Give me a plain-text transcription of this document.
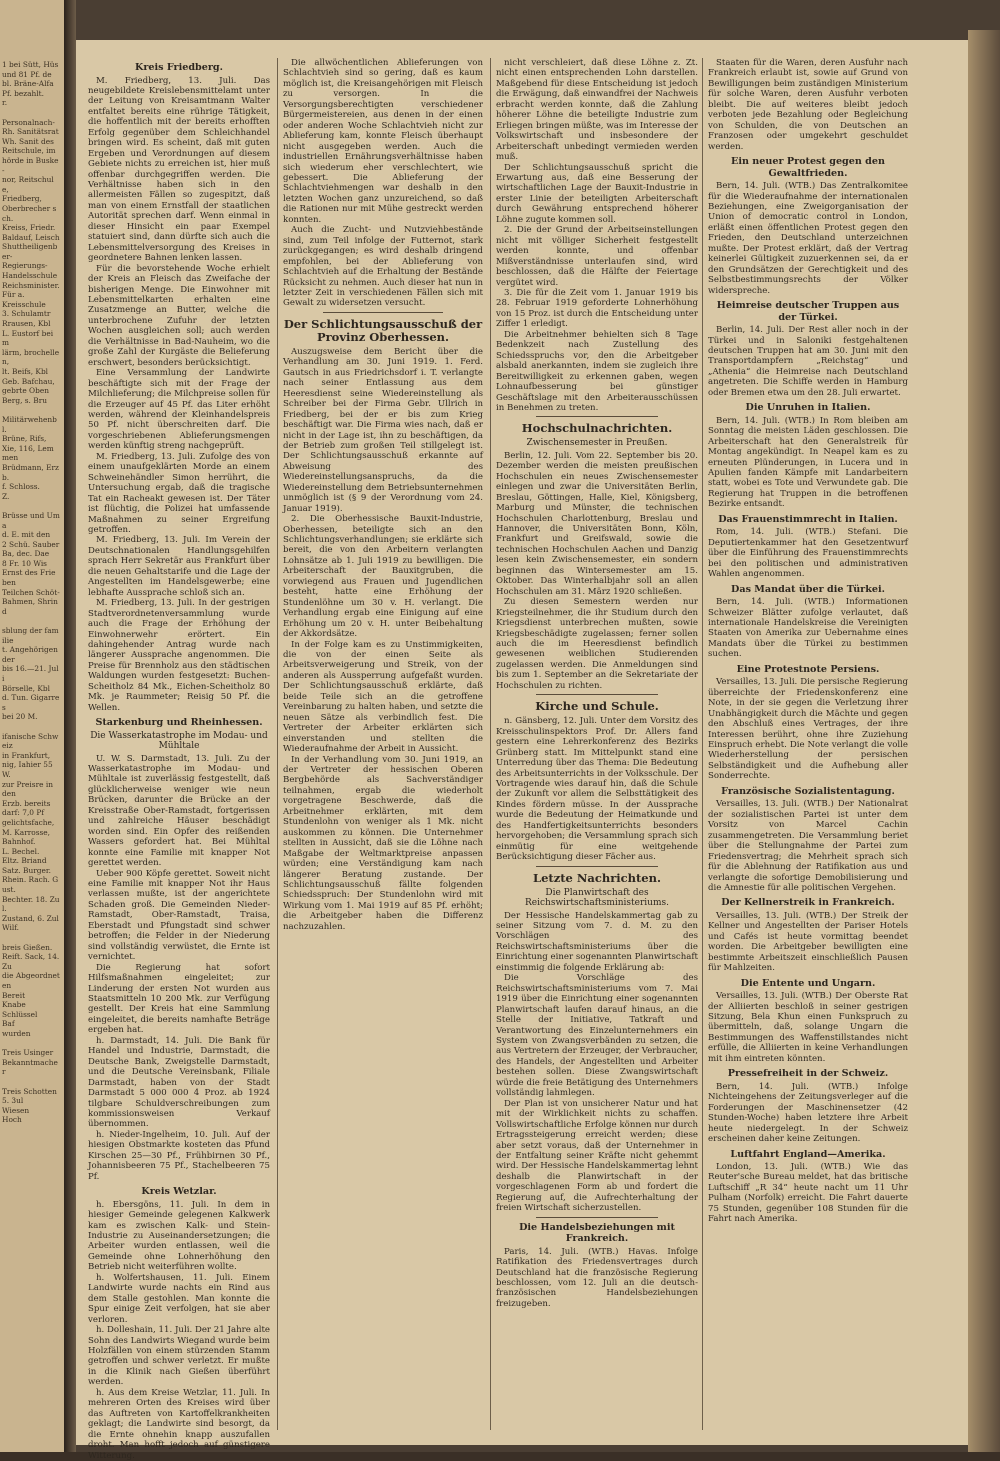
1 bei Sütt, Hüs
und 81 Pf. de
bl. Bräne-Alfa
Pf. bezahlt.
r.

Personalnach-
Rh. Sanitätsrat
Wh. Sanit des
Reitschule, im
hörde in Buske-
nor, Reitschule,
Friedberg,
Oberbrecher sch.
Kreiss, Friedr.
Baldauf, Leisch
Shuttheiligenber-
Regierungs-
Handelsschule
Reichsminister.
Für a.
Kreisschule
3. Schulamtr
Rrausen, Kbl
L. Eustorf beim
lärm, brochellen,
lt. Beifs, Kbl
Geb. Bafchau,
gebrte Oben
Berg, s. Bru

Militärwehenbl.
Brüne, Rifs,
Xie, 116, Lemmen
Brüdmann, Erzb.
f. Schloss.
Z.

Brüsse und Uma
d. E. mit den
2 Schü. Sauber
Ba, dec. Dae
8 Fr. 10 Wis
Ernst des Frieben
Teilchen Schöt-
Bahmen, Shrind

sblung der familie
t. Angehörigen der
bis 16.—21. Juli
Börselle, Kbl
d. Tun. Gigarres
bei 20 M.

ifanische Schweiz
in Frankfurt,
nig, Iahier 55 W.
zur Preisre in den
Erzb. bereits
darf: 7,0 Pf
gelichtsfache,
M. Karrosse,
Bahnhof.
L. Bechel.
Eltz. Briand
Satz. Burger.
Rhein. Rach. Gust.
Bechter. 18. Zul.
Zustand, 6. Zul
Wilf.

breis Gießen.
Reift. Sack, 14. Zu
die Abgeordneten
Bereit
Knabe
Schlüssel
Baf
wurden

Treis Usinger
Bekanntmacher

Treis Schotten
5. 3ul
Wiesen
Hoch
Kreis Friedberg.

M. Friedberg, 13. Juli. Das neugebildete Kreislebensmittelamt unter der Leitung von Kreisamtmann Walter entfaltet bereits eine rührige Tätigkeit, die hoffentlich mit der bereits erhofften Erfolg gegenüber dem Schleichhandel bringen wird. Es scheint, daß mit guten Ergeben und Verordnungen auf diesem Gebiete nichts zu erreichen ist, hier muß offenbar durchgegriffen werden. Die Verhältnisse haben sich in den allermeisten Fällen so zugespitzt, daß man von einem Ernstfall der staatlichen Autorität sprechen darf. Wenn einmal in dieser Hinsicht ein paar Exempel statuiert sind, dann dürfte sich auch die Lebensmittelversorgung des Kreises in geordnetere Bahnen lenken lassen.

Für die bevorstehende Woche erhielt der Kreis an Fleisch das Zweifache der bisherigen Menge. Die Einwohner mit Lebensmittelkarten erhalten eine Zusatzmenge an Butter, welche die unterbrochene Zufuhr der letzten Wochen ausgleichen soll; auch werden die Verhältnisse in Bad-Nauheim, wo die große Zahl der Kurgäste die Belieferung erschwert, besonders berücksichtigt.

Eine Versammlung der Landwirte beschäftigte sich mit der Frage der Milchlieferung; die Milchpreise sollen für die Erzeuger auf 45 Pf. das Liter erhöht werden, während der Kleinhandelspreis 50 Pf. nicht überschreiten darf. Die vorgeschriebenen Ablieferungsmengen werden künftig streng nachgeprüft.

M. Friedberg, 13. Juli. Zufolge des von einem unaufgeklärten Morde an einem Schweinehändler Simon herrührt, die Untersuchung ergab, daß die tragische Tat ein Racheakt gewesen ist. Der Täter ist flüchtig, die Polizei hat umfassende Maßnahmen zu seiner Ergreifung getroffen.

M. Friedberg, 13. Juli. Im Verein der Deutschnationalen Handlungsgehilfen sprach Herr Sekretär aus Frankfurt über die neuen Gehaltstarife und die Lage der Angestellten im Handelsgewerbe; eine lebhafte Aussprache schloß sich an.

M. Friedberg, 13. Juli. In der gestrigen Stadtverordnetenversammlung wurde auch die Frage der Erhöhung der Einwohnerwehr erörtert. Ein dahingehender Antrag wurde nach längerer Aussprache angenommen. Die Preise für Brennholz aus den städtischen Waldungen wurden festgesetzt: Buchen-Scheitholz 84 Mk., Eichen-Scheitholz 80 Mk. je Raummeter; Reisig 50 Pf. die Wellen.

Starkenburg und Rheinhessen.
Die Wasserkatastrophe im Modau- und Mühltale

U. W. S. Darmstadt, 13. Juli. Zu der Wasserkatastrophe im Modau- und Mühltale ist zuverlässig festgestellt, daß glücklicherweise weniger wie neun Brücken, darunter die Brücke an der Kreisstraße Ober-Ramstadt, fortgerissen und zahlreiche Häuser beschädigt worden sind. Ein Opfer des reißenden Wassers gefordert hat. Bei Mühltal konnte eine Familie mit knapper Not gerettet werden.

Ueber 900 Köpfe gerettet. Soweit nicht eine Familie mit knapper Not ihr Haus verlassen mußte, ist der angerichtete Schaden groß. Die Gemeinden Nieder-Ramstadt, Ober-Ramstadt, Traisa, Eberstadt und Pfungstadt sind schwer betroffen; die Felder in der Niederung sind vollständig verwüstet, die Ernte ist vernichtet.

Die Regierung hat sofort Hilfsmaßnahmen eingeleitet; zur Linderung der ersten Not wurden aus Staatsmitteln 10 200 Mk. zur Verfügung gestellt. Der Kreis hat eine Sammlung eingeleitet, die bereits namhafte Beträge ergeben hat.

h. Darmstadt, 14. Juli. Die Bank für Handel und Industrie, Darmstadt, die Deutsche Bank, Zweigstelle Darmstadt, und die Deutsche Vereinsbank, Filiale Darmstadt, haben von der Stadt Darmstadt 5 000 000 4 Proz. ab 1924 tilgbare Schuldverschreibungen zum kommissionsweisen Verkauf übernommen.

h. Nieder-Ingelheim, 10. Juli. Auf der hiesigen Obstmarkte kosteten das Pfund Kirschen 25—30 Pf., Frühbirnen 30 Pf., Johannisbeeren 75 Pf., Stachelbeeren 75 Pf.

Kreis Wetzlar.

h. Ebersgöns, 11. Juli. In dem in hiesiger Gemeinde gelegenen Kalkwerk kam es zwischen Kalk- und Stein-Industrie zu Auseinandersetzungen; die Arbeiter wurden entlassen, weil die Gemeinde ohne Lohnerhöhung den Betrieb nicht weiterführen wollte.

h. Wolfertshausen, 11. Juli. Einem Landwirte wurde nachts ein Rind aus dem Stalle gestohlen. Man konnte die Spur einige Zeit verfolgen, hat sie aber verloren.

h. Dolleshain, 11. Juli. Der 21 Jahre alte Sohn des Landwirts Wiegand wurde beim Holzfällen von einem stürzenden Stamm getroffen und schwer verletzt. Er mußte in die Klinik nach Gießen überführt werden.

h. Aus dem Kreise Wetzlar, 11. Juli. In mehreren Orten des Kreises wird über das Auftreten von Kartoffelkrankheiten geklagt; die Landwirte sind besorgt, da die Ernte ohnehin knapp auszufallen droht. Man hofft jedoch auf günstigere Witterung.

Die allwöchentlichen Ablieferungen von Schlachtvieh sind so gering, daß es kaum möglich ist, die Kreisangehörigen mit Fleisch zu versorgen. In die Versorgungsberechtigten verschiedener Bürgermeistereien, aus denen in der einen oder anderen Woche Schlachtvieh nicht zur Ablieferung kam, konnte Fleisch überhaupt nicht ausgegeben werden. Auch die industriellen Ernährungsverhältnisse haben sich wiederum eher verschlechtert, wie gebessert. Die Ablieferung der Schlachtviehmengen war deshalb in den letzten Wochen ganz unzureichend, so daß die Rationen nur mit Mühe gestreckt werden konnten.

Auch die Zucht- und Nutzviehbestände sind, zum Teil infolge der Futternot, stark zurückgegangen; es wird deshalb dringend empfohlen, bei der Ablieferung von Schlachtvieh auf die Erhaltung der Bestände Rücksicht zu nehmen. Auch dieser hat nun in letzter Zeit in verschiedenen Fällen sich mit Gewalt zu widersetzen versucht.

Der Schlichtungsausschuß der Provinz Oberhessen.

Auszugsweise dem Bericht über die Verhandlung am 30. Juni 1919. 1. Ferd. Gautsch in aus Friedrichsdorf i. T. verlangte nach seiner Entlassung aus dem Heeresdienst seine Wiedereinstellung als Schreiber bei der Firma Gebr. Ullrich in Friedberg, bei der er bis zum Krieg beschäftigt war. Die Firma wies nach, daß er nicht in der Lage ist, ihn zu beschäftigen, da der Betrieb zum großen Teil stillgelegt ist. Der Schlichtungsausschuß erkannte auf Abweisung des Wiedereinstellungsanspruchs, da die Wiedereinstellung dem Betriebsunternehmen unmöglich ist (§ 9 der Verordnung vom 24. Januar 1919).

2. Die Oberhessische Bauxit-Industrie, Oberhessen, beteiligte sich an den Schlichtungsverhandlungen; sie erklärte sich bereit, die von den Arbeitern verlangten Lohnsätze ab 1. Juli 1919 zu bewilligen. Die Arbeiterschaft der Bauxitgruben, die vorwiegend aus Frauen und Jugendlichen besteht, hatte eine Erhöhung der Stundenlöhne um 30 v. H. verlangt. Die Verhandlung ergab eine Einigung auf eine Erhöhung um 20 v. H. unter Beibehaltung der Akkordsätze.

In der Folge kam es zu Unstimmigkeiten, die von der einen Seite als Arbeitsverweigerung und Streik, von der anderen als Aussperrung aufgefaßt wurden. Der Schlichtungsausschuß erklärte, daß beide Teile sich an die getroffene Vereinbarung zu halten haben, und setzte die neuen Sätze als verbindlich fest. Die Vertreter der Arbeiter erklärten sich einverstanden und stellten die Wiederaufnahme der Arbeit in Aussicht.

In der Verhandlung vom 30. Juni 1919, an der Vertreter der hessischen Oberen Bergbehörde als Sachverständiger teilnahmen, ergab die wiederholt vorgetragene Beschwerde, daß die Arbeitnehmer erklärten, mit dem Stundenlohn von weniger als 1 Mk. nicht auskommen zu können. Die Unternehmer stellten in Aussicht, daß sie die Löhne nach Maßgabe der Weltmarktpreise anpassen würden; eine Verständigung kam nach längerer Beratung zustande. Der Schlichtungsausschuß fällte folgenden Schiedsspruch: Der Stundenlohn wird mit Wirkung vom 1. Mai 1919 auf 85 Pf. erhöht; die Arbeitgeber haben die Differenz nachzuzahlen.

nicht verschleiert, daß diese Löhne z. Zt. nicht einen entsprechenden Lohn darstellen. Maßgebend für diese Entscheidung ist jedoch die Erwägung, daß einwandfrei der Nachweis erbracht werden konnte, daß die Zahlung höherer Löhne die beteiligte Industrie zum Erliegen bringen müßte, was im Interesse der Volkswirtschaft und insbesondere der Arbeiterschaft unbedingt vermieden werden muß.

Der Schlichtungsausschuß spricht die Erwartung aus, daß eine Besserung der wirtschaftlichen Lage der Bauxit-Industrie in erster Linie der beteiligten Arbeiterschaft durch Gewährung entsprechend höherer Löhne zugute kommen soll.

2. Die der Grund der Arbeitseinstellungen nicht mit völliger Sicherheit festgestellt werden konnte, und offenbar Mißverständnisse unterlaufen sind, wird beschlossen, daß die Hälfte der Feiertage vergütet wird.

3. Die für die Zeit vom 1. Januar 1919 bis 28. Februar 1919 geforderte Lohnerhöhung von 15 Proz. ist durch die Entscheidung unter Ziffer 1 erledigt.

Die Arbeitnehmer behielten sich 8 Tage Bedenkzeit nach Zustellung des Schiedsspruchs vor, den die Arbeitgeber alsbald anerkannten, indem sie zugleich ihre Bereitwilligkeit zu erkennen gaben, wegen Lohnaufbesserung bei günstiger Geschäftslage mit den Arbeiterausschüssen in Benehmen zu treten.

Hochschulnachrichten.
Zwischensemester in Preußen.

Berlin, 12. Juli. Vom 22. September bis 20. Dezember werden die meisten preußischen Hochschulen ein neues Zwischensemester einlegen und zwar die Universitäten Berlin, Breslau, Göttingen, Halle, Kiel, Königsberg, Marburg und Münster, die technischen Hochschulen Charlottenburg, Breslau und Hannover, die Universitäten Bonn, Köln, Frankfurt und Greifswald, sowie die technischen Hochschulen Aachen und Danzig lesen kein Zwischensemester, ein sondern beginnen das Wintersemester am 15. Oktober. Das Winterhalbjahr soll an allen Hochschulen am 31. März 1920 schließen.

Zu diesen Semestern werden nur Kriegsteilnehmer, die ihr Studium durch den Kriegsdienst unterbrechen mußten, sowie Kriegsbeschädigte zugelassen; ferner sollen auch die im Heeresdienst befindlich gewesenen weiblichen Studierenden zugelassen werden. Die Anmeldungen sind bis zum 1. September an die Sekretariate der Hochschulen zu richten.

Kirche und Schule.

n. Gänsberg, 12. Juli. Unter dem Vorsitz des Kreisschulinspektors Prof. Dr. Allers fand gestern eine Lehrerkonferenz des Bezirks Grünberg statt. Im Mittelpunkt stand eine Unterredung über das Thema: Die Bedeutung des Arbeitsunterrichts in der Volksschule. Der Vortragende wies darauf hin, daß die Schule der Zukunft vor allem die Selbsttätigkeit des Kindes fördern müsse. In der Aussprache wurde die Bedeutung der Heimatkunde und des Handfertigkeitsunterrichts besonders hervorgehoben; die Versammlung sprach sich einmütig für eine weitgehende Berücksichtigung dieser Fächer aus.

Letzte Nachrichten.
Die Planwirtschaft des Reichswirtschaftsministeriums.

Der Hessische Handelskammertag gab zu seiner Sitzung vom 7. d. M. zu den Vorschlägen des Reichswirtschaftsministeriums über die Einrichtung einer sogenannten Planwirtschaft einstimmig die folgende Erklärung ab:

Die Vorschläge des Reichswirtschaftsministeriums vom 7. Mai 1919 über die Einrichtung einer sogenannten Planwirtschaft laufen darauf hinaus, an die Stelle der Initiative, Tatkraft und Verantwortung des Einzelunternehmers ein System von Zwangsverbänden zu setzen, die aus Vertretern der Erzeuger, der Verbraucher, des Handels, der Angestellten und Arbeiter bestehen sollen. Diese Zwangswirtschaft würde die freie Betätigung des Unternehmers vollständig lahmlegen.

Der Plan ist von unsicherer Natur und hat mit der Wirklichkeit nichts zu schaffen. Vollswirtschaftliche Erfolge können nur durch Ertragssteigerung erreicht werden; diese aber setzt voraus, daß der Unternehmer in der Entfaltung seiner Kräfte nicht gehemmt wird. Der Hessische Handelskammertag lehnt deshalb die Planwirtschaft in der vorgeschlagenen Form ab und fordert die Regierung auf, die Aufrechterhaltung der freien Wirtschaft sicherzustellen.

Die Handelsbeziehungen mit Frankreich.

Paris, 14. Juli. (WTB.) Havas. Infolge Ratifikation des Friedensvertrages durch Deutschland hat die französische Regierung beschlossen, vom 12. Juli an die deutsch-französischen Handelsbeziehungen freizugeben.

Staaten für die Waren, deren Ausfuhr nach Frankreich erlaubt ist, sowie auf Grund von Bewilligungen beim zuständigen Ministerium für solche Waren, deren Ausfuhr verboten bleibt. Die auf weiteres bleibt jedoch verboten jede Bezahlung oder Begleichung von Schulden, die von Deutschen an Franzosen oder umgekehrt geschuldet werden.

Ein neuer Protest gegen den Gewaltfrieden.

Bern, 14. Juli. (WTB.) Das Zentralkomitee für die Wiederaufnahme der internationalen Beziehungen, eine Zweigorganisation der Union of democratic control in London, erläßt einen öffentlichen Protest gegen den Frieden, den Deutschland unterzeichnen mußte. Der Protest erklärt, daß der Vertrag keinerlei Gültigkeit zuzuerkennen sei, da er den Grundsätzen der Gerechtigkeit und des Selbstbestimmungsrechts der Völker widerspreche.

Heimreise deutscher Truppen aus der Türkei.

Berlin, 14. Juli. Der Rest aller noch in der Türkei und in Saloniki festgehaltenen deutschen Truppen hat am 30. Juni mit den Transportdampfern „Reichstag“ und „Athenia“ die Heimreise nach Deutschland angetreten. Die Schiffe werden in Hamburg oder Bremen etwa um den 28. Juli erwartet.

Die Unruhen in Italien.

Bern, 14. Juli. (WTB.) In Rom bleiben am Sonntag die meisten Läden geschlossen. Die Arbeiterschaft hat den Generalstreik für Montag angekündigt. In Neapel kam es zu erneuten Plünderungen, in Lucera und in Apulien fanden Kämpfe mit Landarbeitern statt, wobei es Tote und Verwundete gab. Die Regierung hat Truppen in die betroffenen Bezirke entsandt.

Das Frauenstimmrecht in Italien.

Rom, 14. Juli. (WTB.) Stefani. Die Deputiertenkammer hat den Gesetzentwurf über die Einführung des Frauenstimmrechts bei den politischen und administrativen Wahlen angenommen.

Das Mandat über die Türkei.

Bern, 14. Juli. (WTB.) Informationen Schweizer Blätter zufolge verlautet, daß internationale Handelskreise die Vereinigten Staaten von Amerika zur Uebernahme eines Mandats über die Türkei zu bestimmen suchen.

Eine Protestnote Persiens.

Versailles, 13. Juli. Die persische Regierung überreichte der Friedenskonferenz eine Note, in der sie gegen die Verletzung ihrer Unabhängigkeit durch die Mächte und gegen den Abschluß eines Vertrages, der ihre Interessen berührt, ohne ihre Zuziehung Einspruch erhebt. Die Note verlangt die volle Wiederherstellung der persischen Selbständigkeit und die Aufhebung aller Sonderrechte.

Französische Sozialistentagung.

Versailles, 13. Juli. (WTB.) Der Nationalrat der sozialistischen Partei ist unter dem Vorsitz von Marcel Cachin zusammengetreten. Die Versammlung beriet über die Stellungnahme der Partei zum Friedensvertrag; die Mehrheit sprach sich für die Ablehnung der Ratifikation aus und verlangte die sofortige Demobilisierung und die Amnestie für alle politischen Vergehen.

Der Kellnerstreik in Frankreich.

Versailles, 13. Juli. (WTB.) Der Streik der Kellner und Angestellten der Pariser Hotels und Cafés ist heute vormittag beendet worden. Die Arbeitgeber bewilligten eine bestimmte Arbeitszeit einschließlich Pausen für Mahlzeiten.

Die Entente und Ungarn.

Versailles, 13. Juli. (WTB.) Der Oberste Rat der Alliierten beschloß in seiner gestrigen Sitzung, Bela Khun einen Funkspruch zu übermitteln, daß, solange Ungarn die Bestimmungen des Waffenstillstandes nicht erfülle, die Alliierten in keine Verhandlungen mit ihm eintreten könnten.

Pressefreiheit in der Schweiz.

Bern, 14. Juli. (WTB.) Infolge Nichteingehens der Zeitungsverleger auf die Forderungen der Maschinensetzer (42 Stunden-Woche) haben letztere ihre Arbeit heute niedergelegt. In der Schweiz erscheinen daher keine Zeitungen.

Luftfahrt England—Amerika.

London, 13. Juli. (WTB.) Wie das Reuter'sche Bureau meldet, hat das britische Luftschiff „R 34“ heute nacht um 11 Uhr Pulham (Norfolk) erreicht. Die Fahrt dauerte 75 Stunden, gegenüber 108 Stunden für die Fahrt nach Amerika.
